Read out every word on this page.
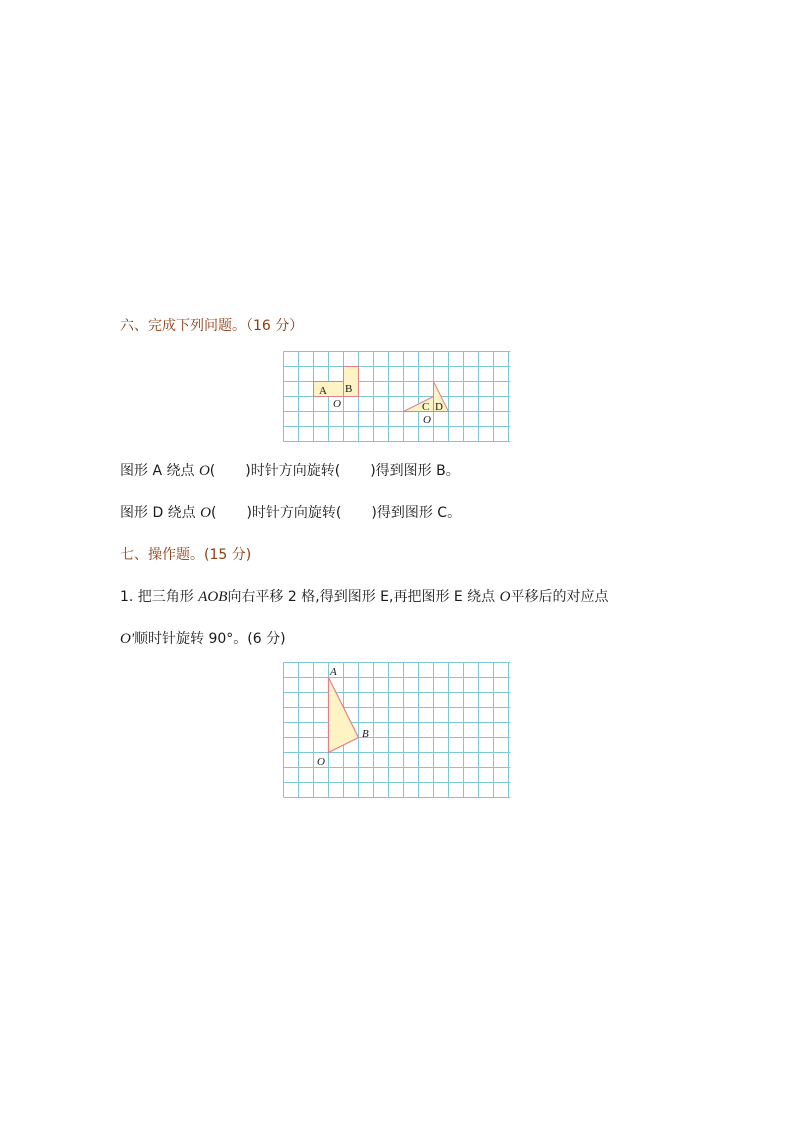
六、完成下列问题。（16 分）
A B
O	C D
O
图形 A 绕点 O( )时针方向旋转( )得到图形 B。
图形 D 绕点 O( )时针方向旋转( )得到图形 C。
七、操作题。(15 分)
1. 把三角形 AOB向右平移 2 格,得到图形 E,再把图形 E 绕点 O平移后的对应点
O'顺时针旋转 90°。(6 分)
A
B
O
